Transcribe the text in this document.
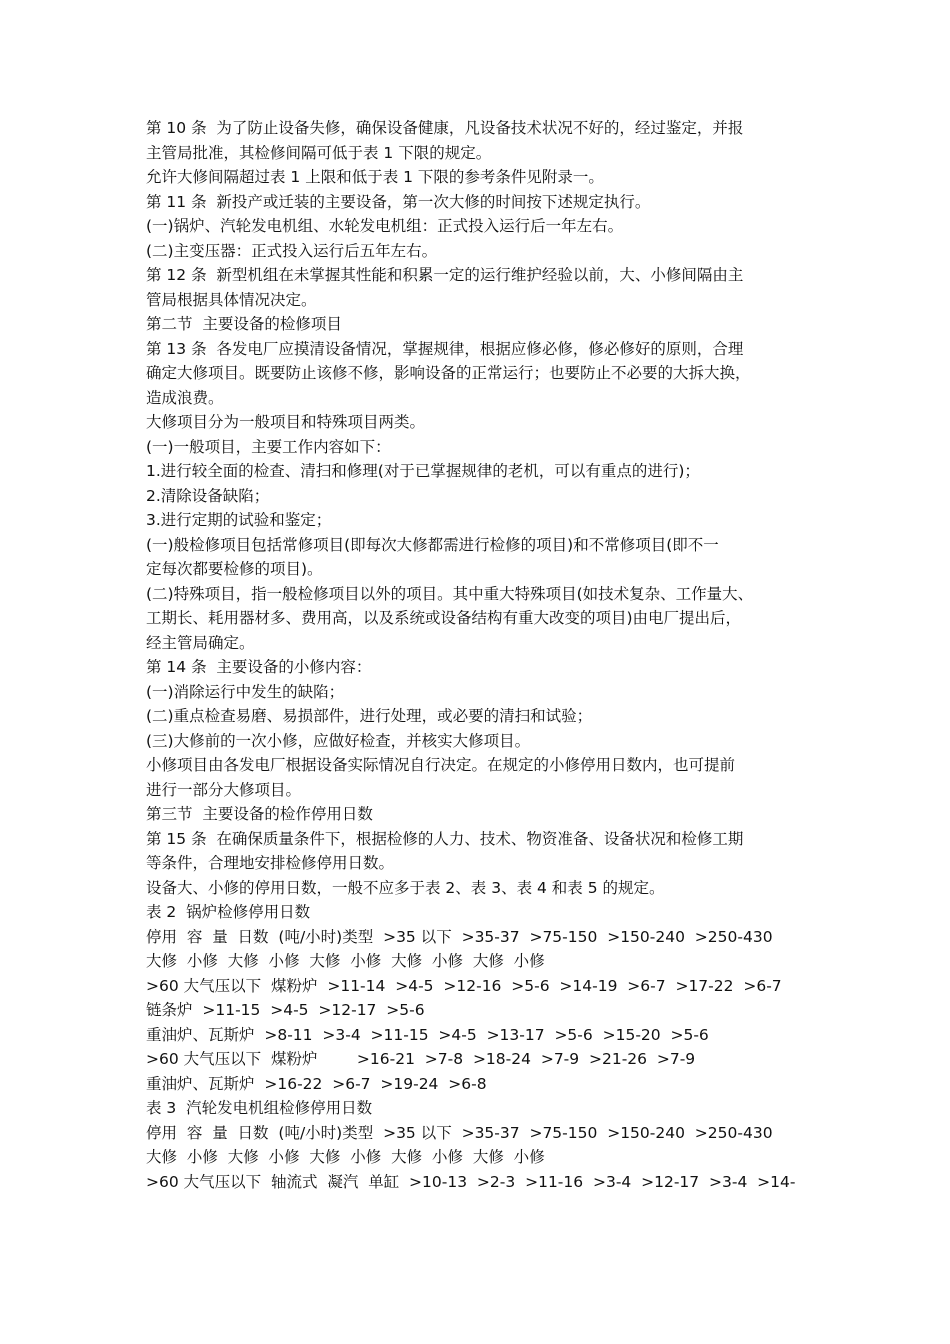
第 10 条  为了防止设备失修，确保设备健康，凡设备技术状况不好的，经过鉴定，并报
主管局批准，其检修间隔可低于表 1 下限的规定。
允许大修间隔超过表 1 上限和低于表 1 下限的参考条件见附录一。
第 11 条  新投产或迁装的主要设备，第一次大修的时间按下述规定执行。
(一)锅炉、汽轮发电机组、水轮发电机组：正式投入运行后一年左右。
(二)主变压器：正式投入运行后五年左右。
第 12 条  新型机组在未掌握其性能和积累一定的运行维护经验以前，大、小修间隔由主
管局根据具体情况决定。
第二节  主要设备的检修项目
第 13 条  各发电厂应摸清设备情况，掌握规律，根据应修必修，修必修好的原则，合理
确定大修项目。既要防止该修不修，影响设备的正常运行；也要防止不必要的大拆大换，
造成浪费。
大修项目分为一般项目和特殊项目两类。
(一)一般项目，主要工作内容如下：
1.进行较全面的检查、清扫和修理(对于已掌握规律的老机，可以有重点的进行)；
2.清除设备缺陷；
3.进行定期的试验和鉴定；
(一)般检修项目包括常修项目(即每次大修都需进行检修的项目)和不常修项目(即不一
定每次都要检修的项目)。
(二)特殊项目，指一般检修项目以外的项目。其中重大特殊项目(如技术复杂、工作量大、
工期长、耗用器材多、费用高，以及系统或设备结构有重大改变的项目)由电厂提出后，
经主管局确定。
第 14 条  主要设备的小修内容：
(一)消除运行中发生的缺陷；
(二)重点检查易磨、易损部件，进行处理，或必要的清扫和试验；
(三)大修前的一次小修，应做好检查，并核实大修项目。
小修项目由各发电厂根据设备实际情况自行决定。在规定的小修停用日数内，也可提前
进行一部分大修项目。
第三节  主要设备的检作停用日数
第 15 条  在确保质量条件下，根据检修的人力、技术、物资准备、设备状况和检修工期
等条件，合理地安排检修停用日数。
设备大、小修的停用日数，一般不应多于表 2、表 3、表 4 和表 5 的规定。
表 2  锅炉检修停用日数
停用  容  量  日数  (吨/小时)类型  >35 以下  >35-37  >75-150  >150-240  >250-430
大修  小修  大修  小修  大修  小修  大修  小修  大修  小修
>60 大气压以下  煤粉炉  >11-14  >4-5  >12-16  >5-6  >14-19  >6-7  >17-22  >6-7
链条炉  >11-15  >4-5  >12-17  >5-6
重油炉、瓦斯炉  >8-11  >3-4  >11-15  >4-5  >13-17  >5-6  >15-20  >5-6
>60 大气压以下  煤粉炉        >16-21  >7-8  >18-24  >7-9  >21-26  >7-9
重油炉、瓦斯炉  >16-22  >6-7  >19-24  >6-8
表 3  汽轮发电机组检修停用日数
停用  容  量  日数  (吨/小时)类型  >35 以下  >35-37  >75-150  >150-240  >250-430
大修  小修  大修  小修  大修  小修  大修  小修  大修  小修
>60 大气压以下  轴流式  凝汽  单缸  >10-13  >2-3  >11-16  >3-4  >12-17  >3-4  >14-
